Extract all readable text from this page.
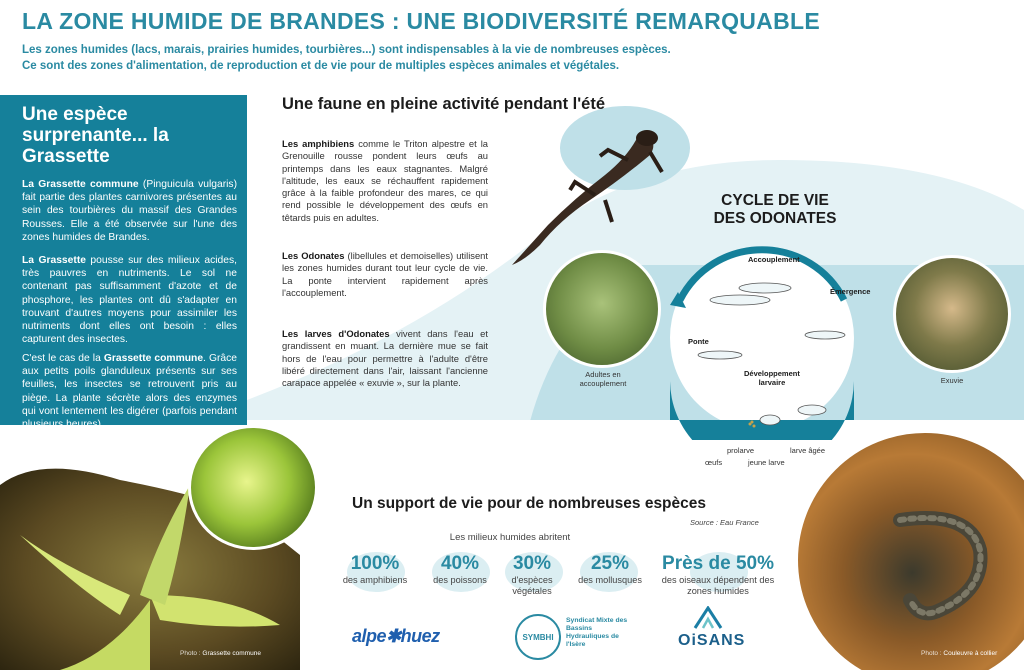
LA ZONE HUMIDE DE BRANDES : UNE BIODIVERSITÉ REMARQUABLE
Les zones humides (lacs, marais, prairies humides, tourbières...) sont indispensables à la vie de nombreuses espèces.
Ce sont des zones d'alimentation, de reproduction et de vie pour de multiples espèces animales et végétales.
Une espèce surprenante... la Grassette
La Grassette commune (Pinguicula vulgaris) fait partie des plantes carnivores présentes au sein des tourbières du massif des Grandes Rousses. Elle a été observée sur l'une des zones humides de Brandes.
La Grassette pousse sur des milieux acides, très pauvres en nutriments. Le sol ne contenant pas suffisamment d'azote et de phosphore, les plantes ont dû s'adapter en trouvant d'autres moyens pour assimiler les nutriments dont elles ont besoin : elles capturent des insectes.
C'est le cas de la Grassette commune. Grâce aux petits poils glanduleux présents sur ses feuilles, les insectes se retrouvent pris au piège. La plante sécrète alors des enzymes qui vont lentement les digérer (parfois pendant plusieurs heures).
Photo : Grassette commune
Une faune en pleine activité pendant l'été
Les amphibiens comme le Triton alpestre et la Grenouille rousse pondent leurs œufs au printemps dans les eaux stagnantes. Malgré l'altitude, les eaux se réchauffent rapidement grâce à la faible profondeur des mares, ce qui rend possible le développement des œufs en têtards puis en adultes.
Les Odonates (libellules et demoiselles) utilisent les zones humides durant tout leur cycle de vie. La ponte intervient rapidement après l'accouplement.
Les larves d'Odonates vivent dans l'eau et grandissent en muant. La dernière mue se fait hors de l'eau pour permettre à l'adulte d'être libéré directement dans l'air, laissant l'ancienne carapace appelée « exuvie », sur la plante.
CYCLE DE VIE
DES ODONATES
Accouplement
Émergence
Ponte
Développement
larvaire
œufs
prolarve
jeune larve
larve âgée
Adultes en
accouplement	Exuvie
Photo : Couleuvre à collier
Un support de vie pour de nombreuses espèces
Source : Eau France
Les milieux humides abritent
100%
des amphibiens
40%
des poissons
30%
d'espèces végétales
25%
des mollusques
Près de 50%
des oiseaux dépendent des zones humides
alpe✱huez	SYMBHI
Syndicat Mixte des Bassins Hydrauliques de l'Isère	OiSANS
